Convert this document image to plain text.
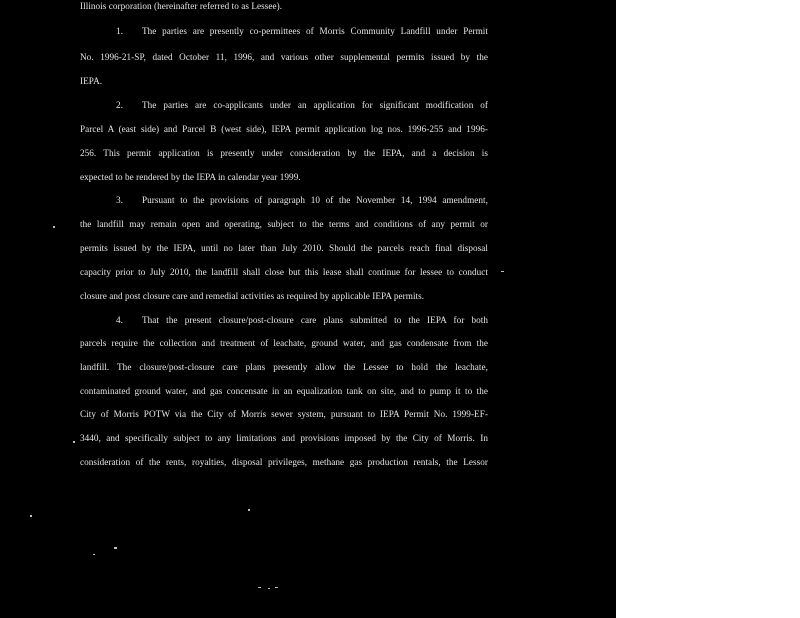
Illinois corporation (hereinafter referred to as Lessee).
1. The parties are presently co-permittees of Morris Community Landfill under Permit
No. 1996-21-SP, dated October 11, 1996, and various other supplemental permits issued by the
IEPA.
2. The parties are co-applicants under an application for significant modification of
Parcel A (east side) and Parcel B (west side), IEPA permit application log nos. 1996-255 and 1996-
256. This permit application is presently under consideration by the IEPA, and a decision is
expected to be rendered by the IEPA in calendar year 1999.
3. Pursuant to the provisions of paragraph 10 of the November 14, 1994 amendment,
the landfill may remain open and operating, subject to the terms and conditions of any permit or
permits issued by the IEPA, until no later than July 2010. Should the parcels reach final disposal
capacity prior to July 2010, the landfill shall close but this lease shall continue for lessee to conduct
closure and post closure care and remedial activities as required by applicable IEPA permits.
4. That the present closure/post-closure care plans submitted to the IEPA for both
parcels require the collection and treatment of leachate, ground water, and gas condensate from the
landfill. The closure/post-closure care plans presently allow the Lessee to hold the leachate,
contaminated ground water, and gas concensate in an equalization tank on site, and to pump it to the
City of Morris POTW via the City of Morris sewer system, pursuant to IEPA Permit No. 1999-EF-
3440, and specifically subject to any limitations and provisions imposed by the City of Morris. In
consideration of the rents, royalties, disposal privileges, methane gas production rentals, the Lessor
